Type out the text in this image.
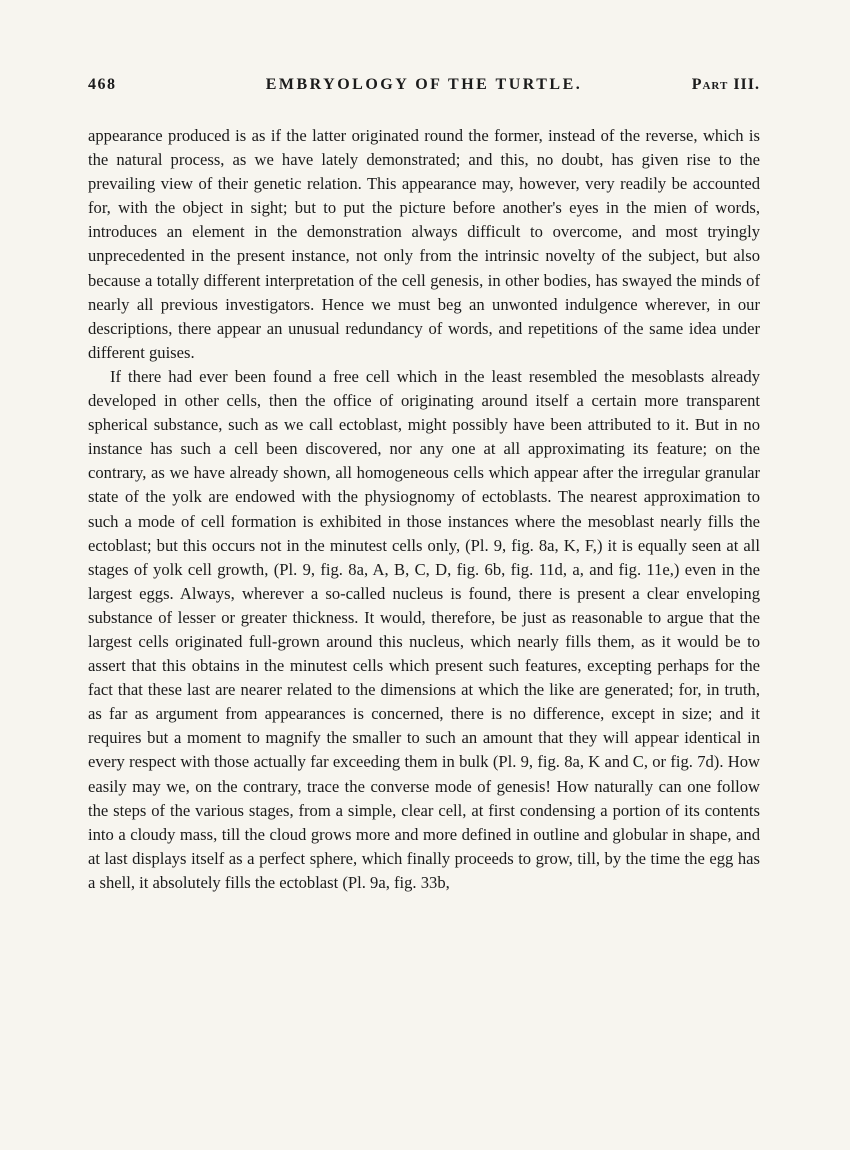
468	EMBRYOLOGY OF THE TURTLE.	Part III.

appearance produced is as if the latter originated round the former, instead of the reverse, which is the natural process, as we have lately demonstrated; and this, no doubt, has given rise to the prevailing view of their genetic relation. This appearance may, however, very readily be accounted for, with the object in sight; but to put the picture before another's eyes in the mien of words, introduces an element in the demonstration always difficult to overcome, and most tryingly unprecedented in the present instance, not only from the intrinsic novelty of the subject, but also because a totally different interpretation of the cell genesis, in other bodies, has swayed the minds of nearly all previous investigators. Hence we must beg an unwonted indulgence wherever, in our descriptions, there appear an unusual redundancy of words, and repetitions of the same idea under different guises.

If there had ever been found a free cell which in the least resembled the mesoblasts already developed in other cells, then the office of originating around itself a certain more transparent spherical substance, such as we call ectoblast, might possibly have been attributed to it. But in no instance has such a cell been discovered, nor any one at all approximating its feature; on the contrary, as we have already shown, all homogeneous cells which appear after the irregular granular state of the yolk are endowed with the physiognomy of ectoblasts. The nearest approximation to such a mode of cell formation is exhibited in those instances where the mesoblast nearly fills the ectoblast; but this occurs not in the minutest cells only, (Pl. 9, fig. 8a, K, F,) it is equally seen at all stages of yolk cell growth, (Pl. 9, fig. 8a, A, B, C, D, fig. 6b, fig. 11d, a, and fig. 11e,) even in the largest eggs. Always, wherever a so-called nucleus is found, there is present a clear enveloping substance of lesser or greater thickness. It would, therefore, be just as reasonable to argue that the largest cells originated full-grown around this nucleus, which nearly fills them, as it would be to assert that this obtains in the minutest cells which present such features, excepting perhaps for the fact that these last are nearer related to the dimensions at which the like are generated; for, in truth, as far as argument from appearances is concerned, there is no difference, except in size; and it requires but a moment to magnify the smaller to such an amount that they will appear identical in every respect with those actually far exceeding them in bulk (Pl. 9, fig. 8a, K and C, or fig. 7d). How easily may we, on the contrary, trace the converse mode of genesis! How naturally can one follow the steps of the various stages, from a simple, clear cell, at first condensing a portion of its contents into a cloudy mass, till the cloud grows more and more defined in outline and globular in shape, and at last displays itself as a perfect sphere, which finally proceeds to grow, till, by the time the egg has a shell, it absolutely fills the ectoblast (Pl. 9a, fig. 33b,
